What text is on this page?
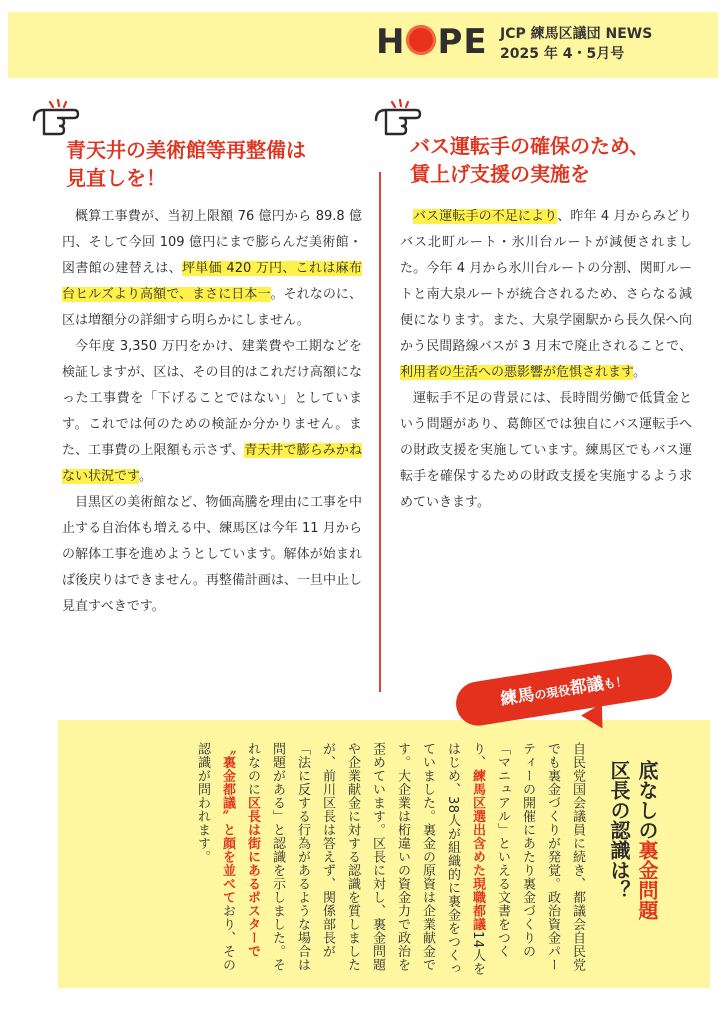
H PE JCP 練馬区議団 NEWS
2025 年 4・5月号
青天井の美術館等再整備は
見直しを！

概算工事費が、当初上限額 76 億円から 89.8 億円、そして今回 109 億円にまで膨らんだ美術館・図書館の建替えは、坪単価 420 万円、これは麻布台ヒルズより高額で、まさに日本一。それなのに、区は増額分の詳細すら明らかにしません。

今年度 3,350 万円をかけ、建業費や工期などを検証しますが、区は、その目的はこれだけ高額になった工事費を「下げることではない」としています。これでは何のための検証か分かりません。また、工事費の上限額も示さず、青天井で膨らみかねない状況です。

目黒区の美術館など、物価高騰を理由に工事を中止する自治体も増える中、練馬区は今年 11 月からの解体工事を進めようとしています。解体が始まれば後戻りはできません。再整備計画は、一旦中止し見直すべきです。

バス運転手の確保のため、
賃上げ支援の実施を

バス運転手の不足により、昨年 4 月からみどりバス北町ルート・氷川台ルートが減便されました。今年 4 月から氷川台ルートの分割、関町ルートと南大泉ルートが統合されるため、さらなる減便になります。また、大泉学園駅から長久保へ向かう民間路線バスが 3 月末で廃止されることで、利用者の生活への悪影響が危惧されます。

運転手不足の背景には、長時間労働で低賃金という問題があり、葛飾区では独自にバス運転手への財政支援を実施しています。練馬区でもバス運転手を確保するための財政支援を実施するよう求めていきます。

練馬の現役都議も！
底なしの裏金問題
区長の認識は？
自民党国会議員に続き、都議会自民党でも裏金づくりが発覚。政治資金パーティーの開催にあたり裏金づくりの「マニュアル」といえる文書をつくり、練馬区選出含めた現職都議14人をはじめ、38人が組織的に裏金をつくっていました。裏金の原資は企業献金です。大企業は桁違いの資金力で政治を歪めています。区長に対し、裏金問題や企業献金に対する認識を質しましたが、前川区長は答えず、関係部長が「法に反する行為があるような場合は問題がある」と認識を示しました。それなのに区長は街にあるポスターで〝裏金都議〟と顔を並べており、その認識が問われます。
